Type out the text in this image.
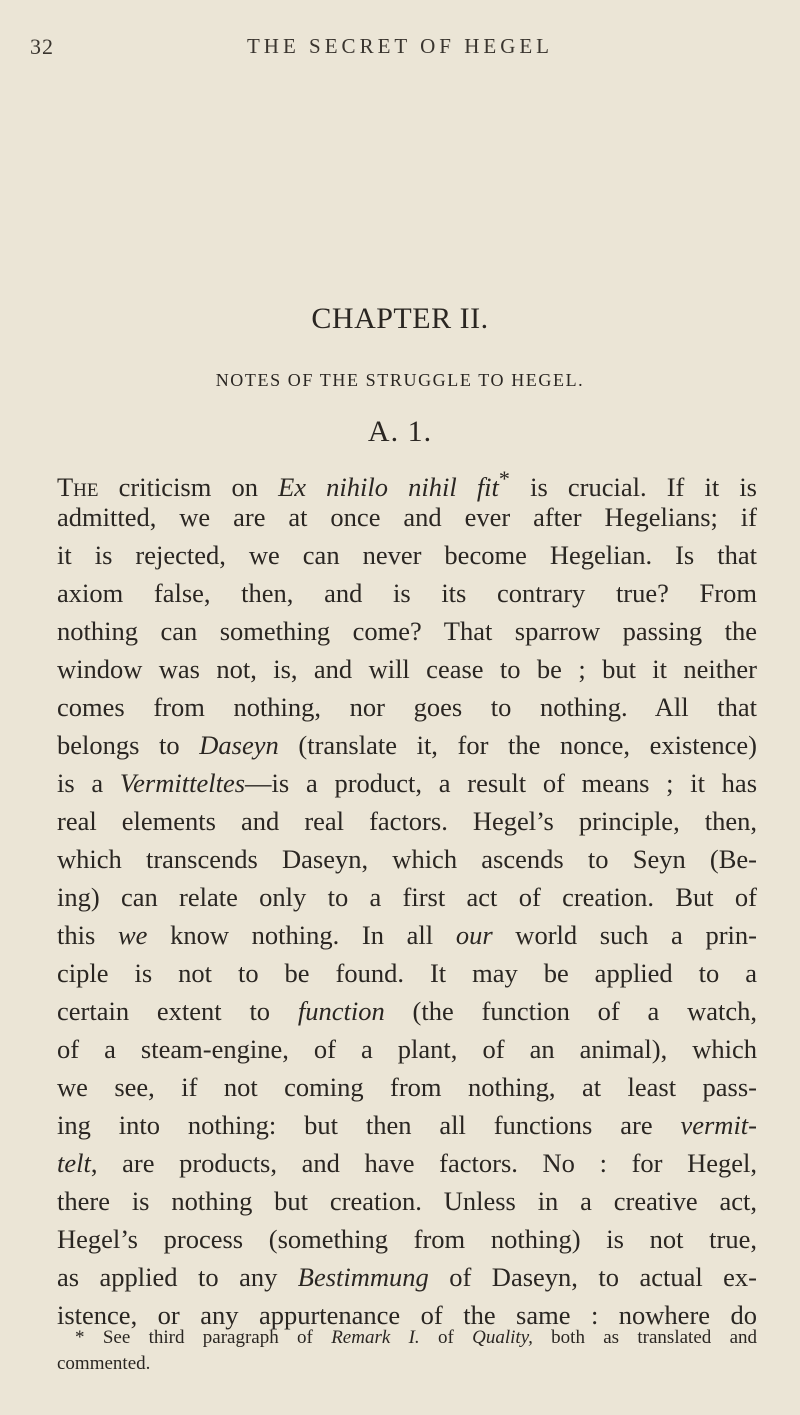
32	THE SECRET OF HEGEL
CHAPTER II.
NOTES OF THE STRUGGLE TO HEGEL.
A. 1.
The criticism on Ex nihilo nihil fit* is crucial. If it is
admitted, we are at once and ever after Hegelians; if
it is rejected, we can never become Hegelian. Is that
axiom false, then, and is its contrary true? From
nothing can something come? That sparrow passing the
window was not, is, and will cease to be ; but it neither
comes from nothing, nor goes to nothing. All that
belongs to Daseyn (translate it, for the nonce, existence)
is a Vermitteltes—is a product, a result of means ; it has
real elements and real factors. Hegel’s principle, then,
which transcends Daseyn, which ascends to Seyn (Be-
ing) can relate only to a first act of creation. But of
this we know nothing. In all our world such a prin-
ciple is not to be found. It may be applied to a
certain extent to function (the function of a watch,
of a steam-engine, of a plant, of an animal), which
we see, if not coming from nothing, at least pass-
ing into nothing: but then all functions are vermit-
telt, are products, and have factors. No : for Hegel,
there is nothing but creation. Unless in a creative act,
Hegel’s process (something from nothing) is not true,
as applied to any Bestimmung of Daseyn, to actual ex-
istence, or any appurtenance of the same : nowhere do
* See third paragraph of Remark I. of Quality, both as translated and
commented.
